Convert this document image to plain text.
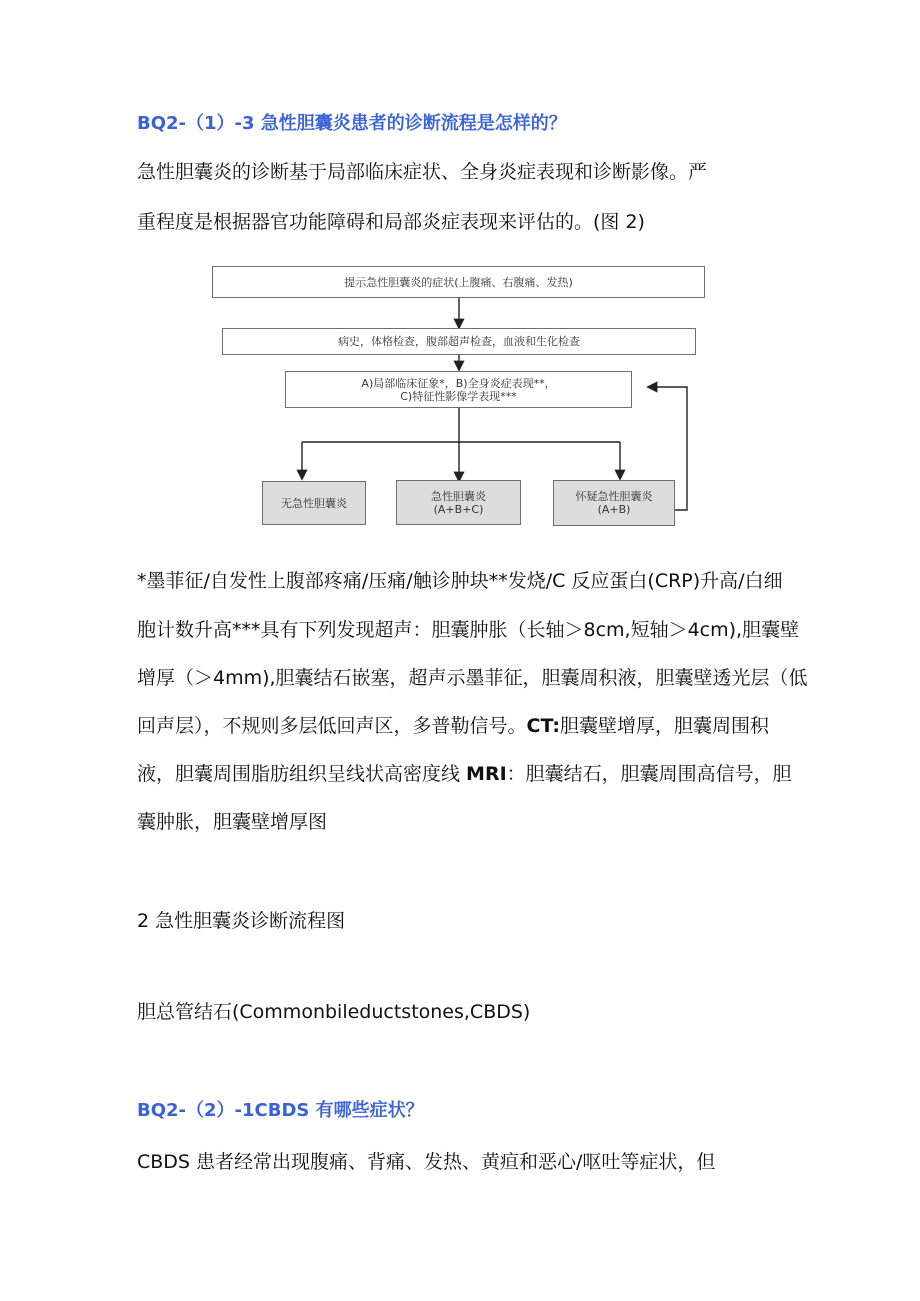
BQ2-（1）-3 急性胆囊炎患者的诊断流程是怎样的？
急性胆囊炎的诊断基于局部临床症状、全身炎症表现和诊断影像。严
重程度是根据器官功能障碍和局部炎症表现来评估的。(图 2)
提示急性胆囊炎的症状(上腹痛、右腹痛、发热)
病史，体格检查，腹部超声检查，血液和生化检查
A)局部临床征象*，B)全身炎症表现**，
C)特征性影像学表现***
无急性胆囊炎
急性胆囊炎
(A+B+C)
怀疑急性胆囊炎
(A+B)
*墨菲征/自发性上腹部疼痛/压痛/触诊肿块**发烧/C 反应蛋白(CRP)升高/白细
胞计数升高***具有下列发现超声：胆囊肿胀（长轴＞8cm,短轴＞4cm),胆囊壁
增厚（＞4mm),胆囊结石嵌塞，超声示墨菲征，胆囊周积液，胆囊壁透光层（低
回声层），不规则多层低回声区，多普勒信号。CT:胆囊壁增厚，胆囊周围积
液，胆囊周围脂肪组织呈线状高密度线 MRI：胆囊结石，胆囊周围高信号，胆
囊肿胀，胆囊壁增厚图
2 急性胆囊炎诊断流程图
胆总管结石(Commonbileductstones,CBDS)
BQ2-（2）-1CBDS 有哪些症状？
CBDS 患者经常出现腹痛、背痛、发热、黄疸和恶心/呕吐等症状，但
